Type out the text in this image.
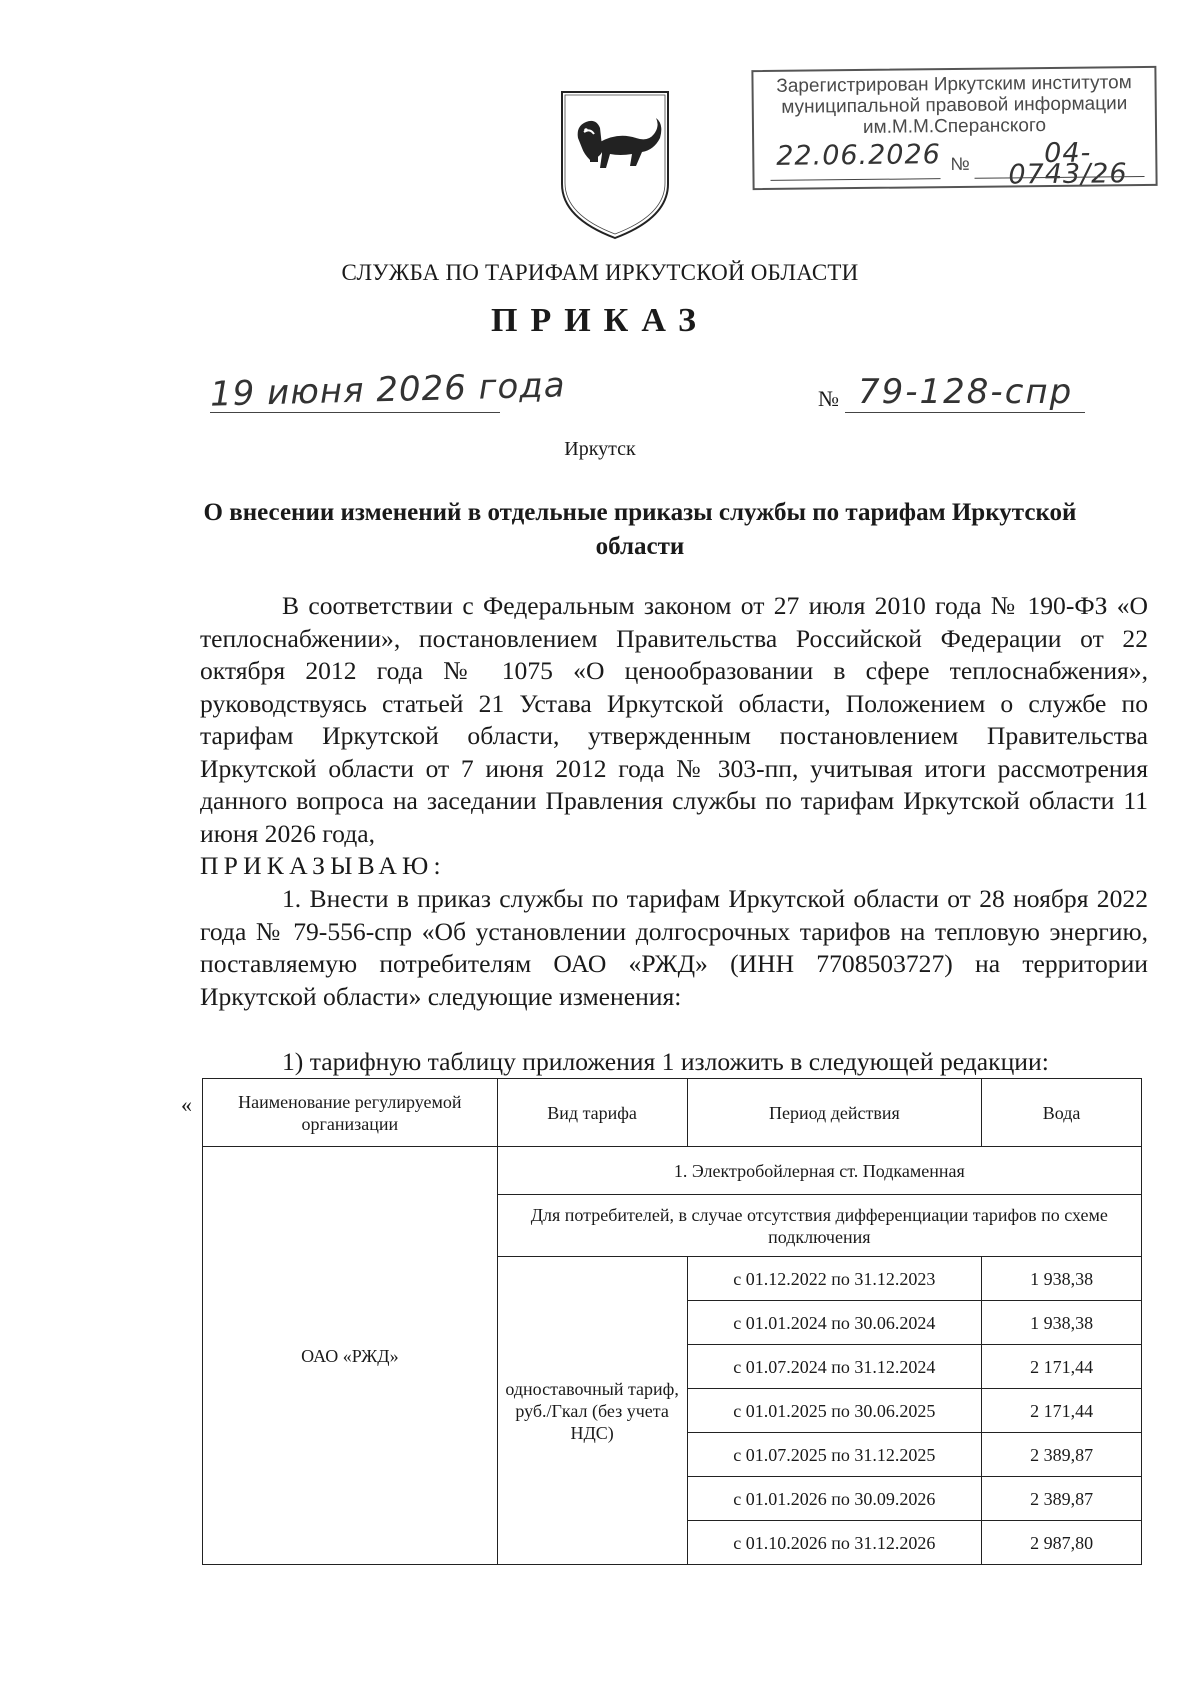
Зарегистрирован Иркутским институтом
муниципальной правовой информации
им.М.М.Сперанского
22.06.2026 №	04-0743/26
СЛУЖБА ПО ТАРИФАМ ИРКУТСКОЙ ОБЛАСТИ
ПРИКАЗ
19 июня 2026 года	№ 79-128-спр
Иркутск
О внесении изменений в отдельные приказы службы по тарифам Иркутской области
В соответствии с Федеральным законом от 27 июля 2010 года № 190-ФЗ «О теплоснабжении», постановлением Правительства Российской Федерации от 22 октября 2012 года № 1075 «О ценообразовании в сфере теплоснабжения», руководствуясь статьей 21 Устава Иркутской области, Положением о службе по тарифам Иркутской области, утвержденным постановлением Правительства Иркутской области от 7 июня 2012 года № 303-пп, учитывая итоги рассмотрения данного вопроса на заседании Правления службы по тарифам Иркутской области 11 июня 2026 года,
ПРИКАЗЫВАЮ:
1. Внести в приказ службы по тарифам Иркутской области от 28 ноября 2022 года № 79-556-спр «Об установлении долгосрочных тарифов на тепловую энергию, поставляемую потребителям ОАО «РЖД» (ИНН 7708503727) на территории Иркутской области» следующие изменения:
1) тарифную таблицу приложения 1 изложить в следующей редакции:
«	Наименование регулируемой организации	Вид тарифа	Период действия	Вода
ОАО «РЖД»	1. Электробойлерная ст. Подкаменная		
	Для потребителей, в случае отсутствия дифференциации тарифов по схеме подключения		
	одноставочный тариф, руб./Гкал (без учета НДС)	с 01.12.2022 по 31.12.2023	1 938,38
		с 01.01.2024 по 30.06.2024	1 938,38
		с 01.07.2024 по 31.12.2024	2 171,44
		с 01.01.2025 по 30.06.2025	2 171,44
		с 01.07.2025 по 31.12.2025	2 389,87
		с 01.01.2026 по 30.09.2026	2 389,87
		с 01.10.2026 по 31.12.2026	2 987,80
